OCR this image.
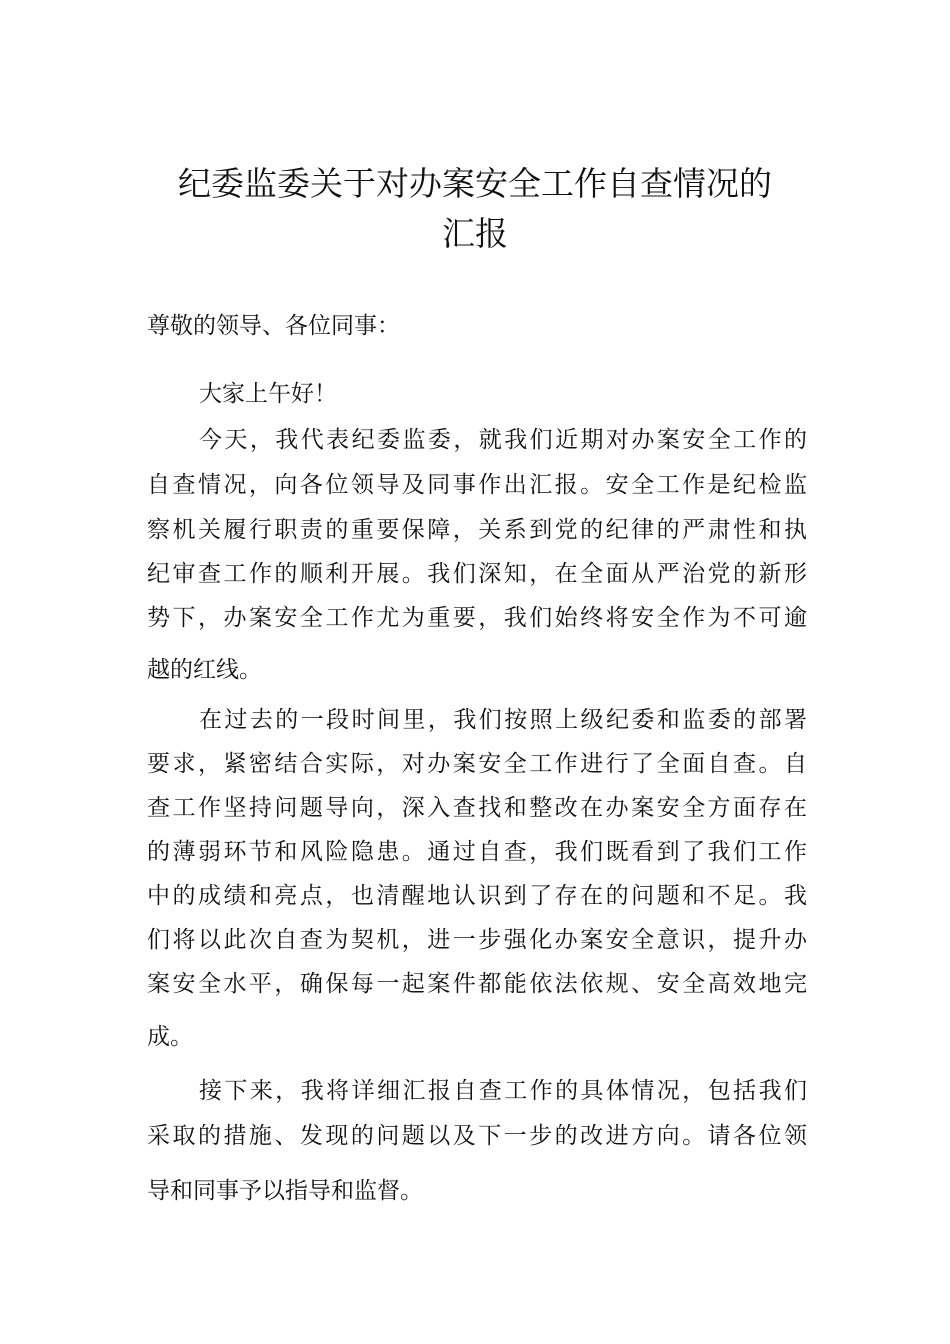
纪委监委关于对办案安全工作自查情况的
汇报
尊敬的领导、各位同事：
大家上午好！
今天，我代表纪委监委，就我们近期对办案安全工作的
自查情况，向各位领导及同事作出汇报。安全工作是纪检监
察机关履行职责的重要保障，关系到党的纪律的严肃性和执
纪审查工作的顺利开展。我们深知，在全面从严治党的新形
势下，办案安全工作尤为重要，我们始终将安全作为不可逾
越的红线。
在过去的一段时间里，我们按照上级纪委和监委的部署
要求，紧密结合实际，对办案安全工作进行了全面自查。自
查工作坚持问题导向，深入查找和整改在办案安全方面存在
的薄弱环节和风险隐患。通过自查，我们既看到了我们工作
中的成绩和亮点，也清醒地认识到了存在的问题和不足。我
们将以此次自查为契机，进一步强化办案安全意识，提升办
案安全水平，确保每一起案件都能依法依规、安全高效地完
成。
接下来，我将详细汇报自查工作的具体情况，包括我们
采取的措施、发现的问题以及下一步的改进方向。请各位领
导和同事予以指导和监督。
